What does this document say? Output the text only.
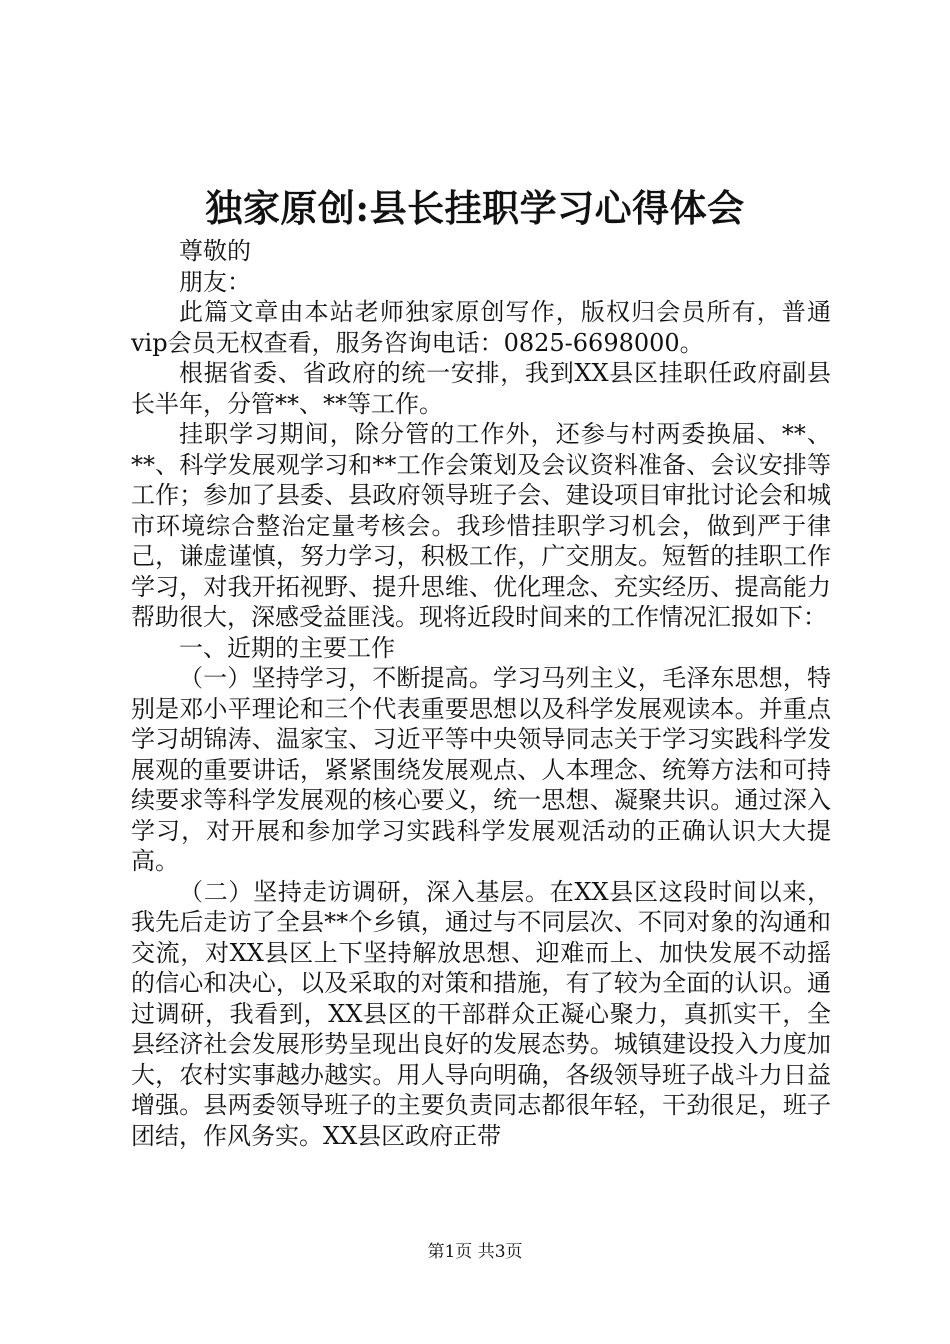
独家原创:县长挂职学习心得体会

尊敬的

朋友：

此篇文章由本站老师独家原创写作，版权归会员所有，普通vip会员无权查看，服务咨询电话：0825-6698000。

根据省委、省政府的统一安排，我到XX县区挂职任政府副县长半年，分管**、**等工作。

挂职学习期间，除分管的工作外，还参与村两委换届、**、**、科学发展观学习和**工作会策划及会议资料准备、会议安排等工作；参加了县委、县政府领导班子会、建设项目审批讨论会和城市环境综合整治定量考核会。我珍惜挂职学习机会，做到严于律己，谦虚谨慎，努力学习，积极工作，广交朋友。短暂的挂职工作学习，对我开拓视野、提升思维、优化理念、充实经历、提高能力帮助很大，深感受益匪浅。现将近段时间来的工作情况汇报如下：

一、近期的主要工作

（一）坚持学习，不断提高。学习马列主义，毛泽东思想，特别是邓小平理论和三个代表重要思想以及科学发展观读本。并重点学习胡锦涛、温家宝、习近平等中央领导同志关于学习实践科学发展观的重要讲话，紧紧围绕发展观点、人本理念、统筹方法和可持续要求等科学发展观的核心要义，统一思想、凝聚共识。通过深入学习，对开展和参加学习实践科学发展观活动的正确认识大大提高。

（二）坚持走访调研，深入基层。在XX县区这段时间以来，我先后走访了全县**个乡镇，通过与不同层次、不同对象的沟通和交流，对XX县区上下坚持解放思想、迎难而上、加快发展不动摇的信心和决心，以及采取的对策和措施，有了较为全面的认识。通过调研，我看到，XX县区的干部群众正凝心聚力，真抓实干，全县经济社会发展形势呈现出良好的发展态势。城镇建设投入力度加大，农村实事越办越实。用人导向明确，各级领导班子战斗力日益增强。县两委领导班子的主要负责同志都很年轻，干劲很足，班子团结，作风务实。XX县区政府正带

第1页 共3页
